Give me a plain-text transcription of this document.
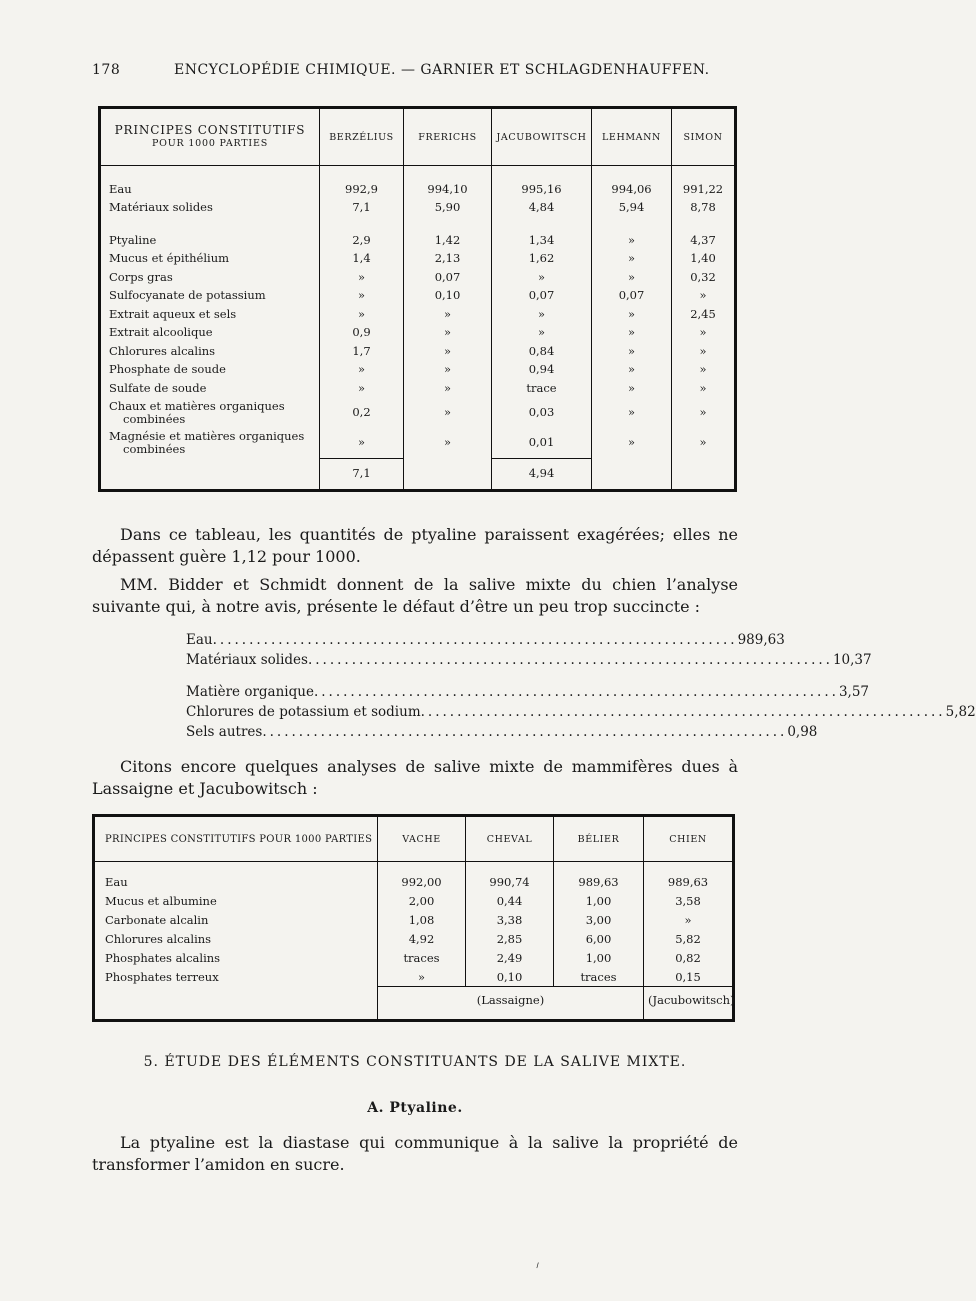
178	ENCYCLOPÉDIE CHIMIQUE. — GARNIER ET SCHLAGDENHAUFFEN.
PRINCIPES CONSTITUTIFS
POUR 1000 PARTIES	BERZÉLIUS	FRERICHS	JACUBOWITSCH	LEHMANN	SIMON

Eau	992,9	994,10	995,16	994,06	991,22
Matériaux solides	7,1	5,90	4,84	5,94	8,78

Ptyaline	2,9	1,42	1,34	»	4,37
Mucus et épithélium	1,4	2,13	1,62	»	1,40
Corps gras	»	0,07	»	»	0,32
Sulfocyanate de potassium	»	0,10	0,07	0,07	»
Extrait aqueux et sels	»	»	»	»	2,45
Extrait alcoolique	0,9	»	»	»	»
Chlorures alcalins	1,7	»	0,84	»	»
Phosphate de soude	»	»	0,94	»	»
Sulfate de soude	»	»	trace	»	»
Chaux et matières organiques
combinées	0,2	»	0,03	»	»
Magnésie et matières organiques
combinées	»	»	0,01	»	»
	7,1		4,94		
Dans ce tableau, les quantités de ptyaline paraissent exagérées; elles ne dépassent guère 1,12 pour 1000.
MM. Bidder et Schmidt donnent de la salive mixte du chien l’analyse suivante qui, à notre avis, présente le défaut d’être un peu trop succincte :
Eau ........................................................................ 989,63
Matériaux solides ........................................................................ 10,37
Matière organique ........................................................................ 3,57
Chlorures de potassium et sodium ........................................................................ 5,82
Sels autres ........................................................................ 0,98
Citons encore quelques analyses de salive mixte de mammifères dues à Lassaigne et Jacubowitsch :
PRINCIPES CONSTITUTIFS POUR 1000 PARTIES	VACHE	CHEVAL	BÉLIER	CHIEN
Eau	992,00	990,74	989,63	989,63
Mucus et albumine	2,00	0,44	1,00	3,58
Carbonate alcalin	1,08	3,38	3,00	»
Chlorures alcalins	4,92	2,85	6,00	5,82
Phosphates alcalins	traces	2,49	1,00	0,82
Phosphates terreux	»	0,10	traces	0,15
	(Lassaigne)			(Jacubowitsch)

5. ÉTUDE DES ÉLÉMENTS CONSTITUANTS DE LA SALIVE MIXTE.
A. Ptyaline.
La ptyaline est la diastase qui communique à la salive la propriété de transformer l’amidon en sucre.
⸝
